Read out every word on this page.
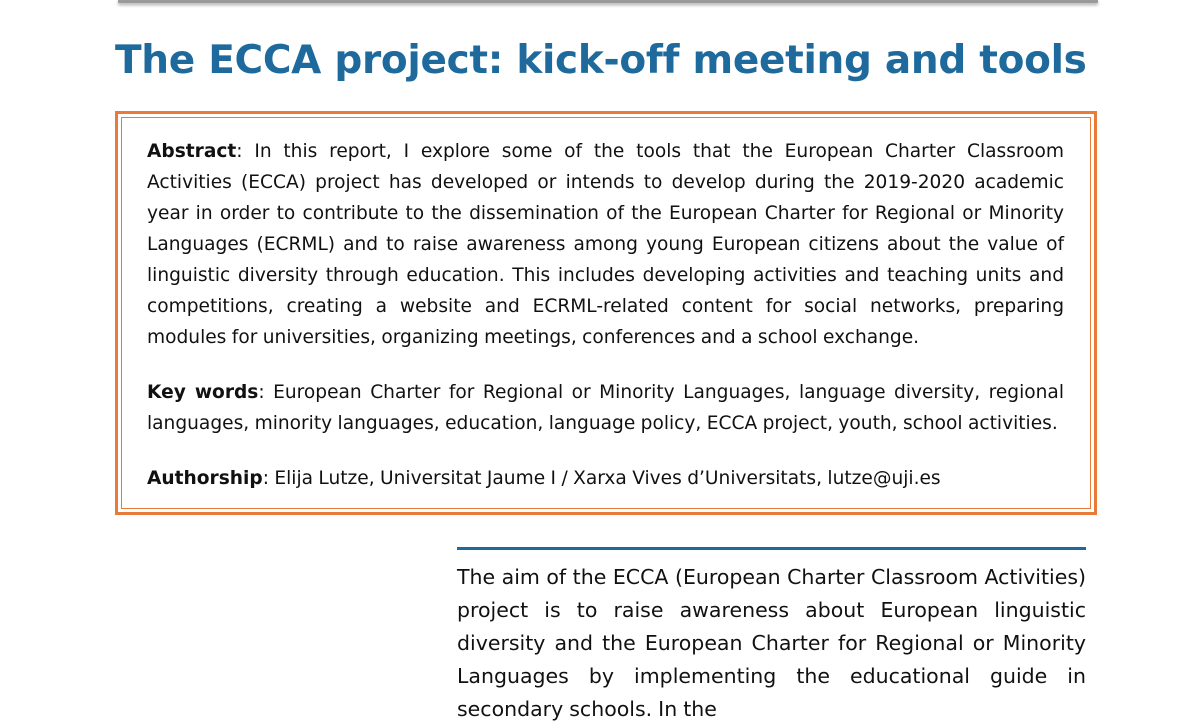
The ECCA project: kick-off meeting and tools

Abstract: In this report, I explore some of the tools that the European Charter Classroom Activities (ECCA) project has developed or intends to develop during the 2019-2020 academic year in order to contribute to the dissemination of the European Charter for Regional or Minority Languages (ECRML) and to raise awareness among young European citizens about the value of linguistic diversity through education. This includes developing activities and teaching units and competitions, creating a website and ECRML-related content for social networks, preparing modules for universities, organizing meetings, conferences and a school exchange.

Key words: European Charter for Regional or Minority Languages, language diversity, regional languages, minority languages, education, language policy, ECCA project, youth, school activities.

Authorship: Elija Lutze, Universitat Jaume I / Xarxa Vives d’Universitats, lutze@uji.es

The aim of the ECCA (European Charter Classroom Activities) project is to raise awareness about European linguistic diversity and the European Charter for Regional or Minority Languages by implementing the educational guide in secondary schools. In the
